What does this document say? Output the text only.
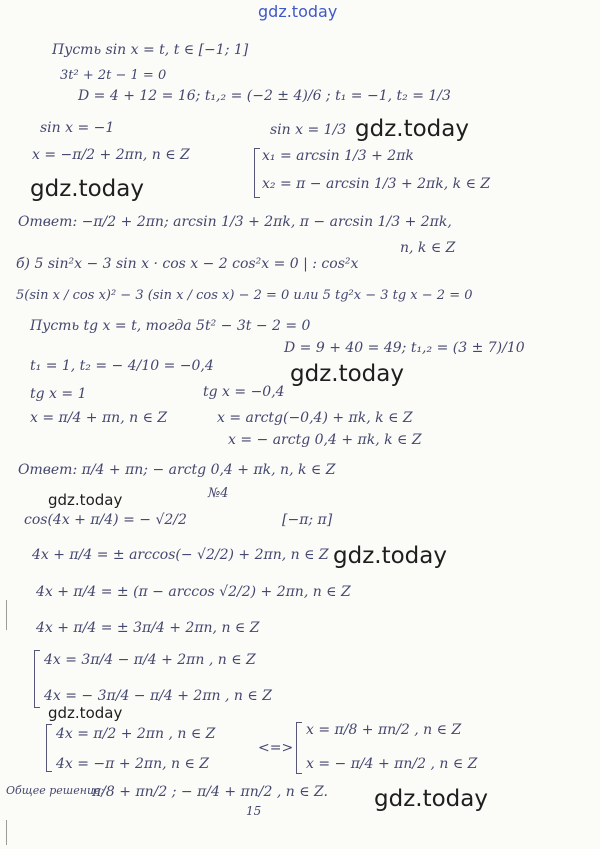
gdz.today
gdz.today
gdz.today
gdz.today
gdz.today
gdz.today
gdz.today
gdz.today
Пусть sin x = t, t ∈ [−1; 1]
3t² + 2t − 1 = 0
D = 4 + 12 = 16; t₁,₂ = (−2 ± 4)/6 ; t₁ = −1, t₂ = 1/3
sin x = −1	sin x = 1/3
x = −π/2 + 2πn, n ∈ Z	x₁ = arcsin 1/3 + 2πk
x₂ = π − arcsin 1/3 + 2πk, k ∈ Z
Ответ: −π/2 + 2πn; arcsin 1/3 + 2πk, π − arcsin 1/3 + 2πk,
n, k ∈ Z
б) 5 sin²x − 3 sin x · cos x − 2 cos²x = 0 | : cos²x
5(sin x / cos x)² − 3 (sin x / cos x) − 2 = 0 или 5 tg²x − 3 tg x − 2 = 0
Пусть tg x = t, тогда 5t² − 3t − 2 = 0
D = 9 + 40 = 49; t₁,₂ = (3 ± 7)/10
t₁ = 1, t₂ = − 4/10 = −0,4
tg x = 1	tg x = −0,4
x = π/4 + πn, n ∈ Z	x = arctg(−0,4) + πk, k ∈ Z
x = − arctg 0,4 + πk, k ∈ Z
Ответ: π/4 + πn; − arctg 0,4 + πk, n, k ∈ Z
№4
cos(4x + π/4) = − √2/2	[−π; π]
4x + π/4 = ± arccos(− √2/2) + 2πn, n ∈ Z
4x + π/4 = ± (π − arccos √2/2) + 2πn, n ∈ Z
4x + π/4 = ± 3π/4 + 2πn, n ∈ Z
4x = 3π/4 − π/4 + 2πn , n ∈ Z
4x = − 3π/4 − π/4 + 2πn , n ∈ Z
4x = π/2 + 2πn , n ∈ Z
<=>
x = π/8 + πn/2 , n ∈ Z
4x = −π + 2πn, n ∈ Z	x = − π/4 + πn/2 , n ∈ Z
Общее решение:
π/8 + πn/2 ; − π/4 + πn/2 , n ∈ Z.
15
